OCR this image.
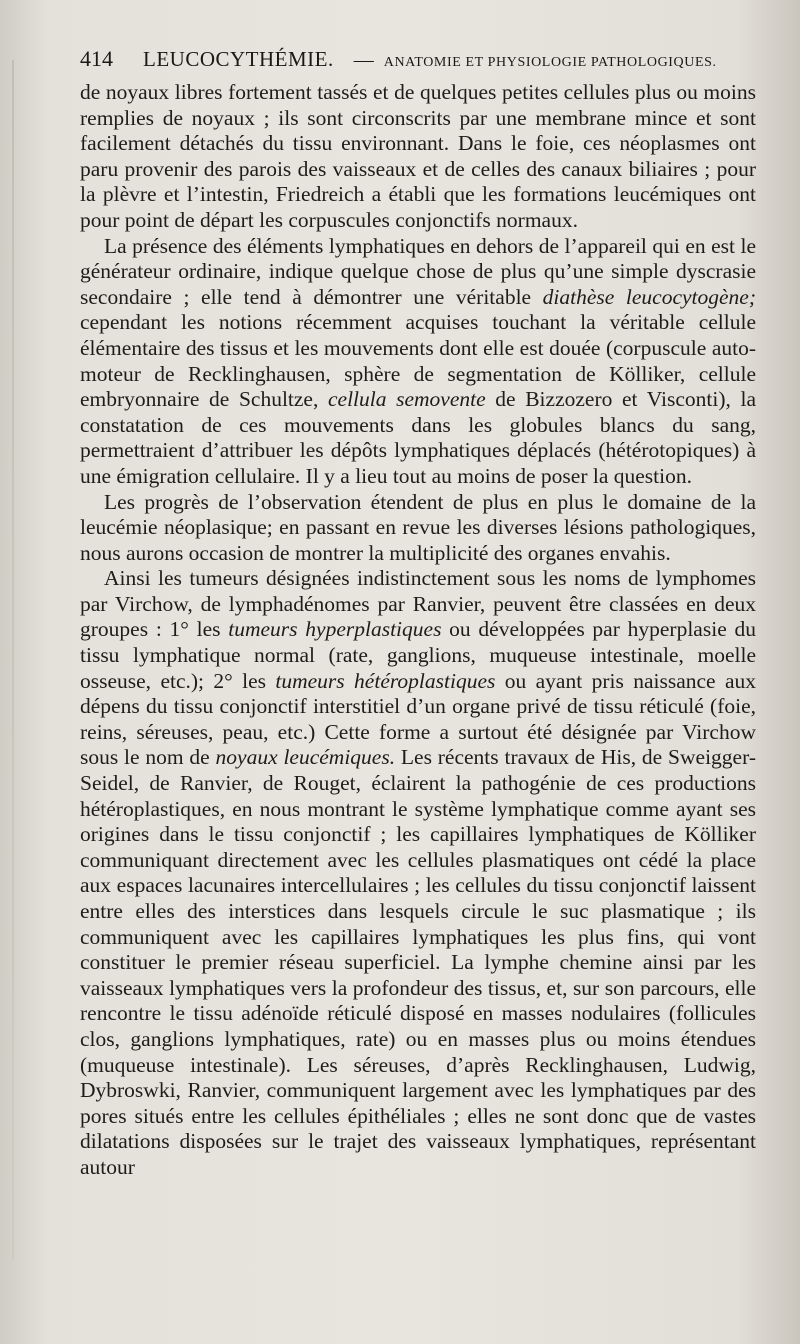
414 LEUCOCYTHÉMIE. — ANATOMIE ET PHYSIOLOGIE PATHOLOGIQUES.

de noyaux libres fortement tassés et de quelques petites cellules plus ou moins remplies de noyaux ; ils sont circonscrits par une membrane mince et sont facilement détachés du tissu environnant. Dans le foie, ces néoplasmes ont paru provenir des parois des vaisseaux et de celles des canaux biliaires ; pour la plèvre et l’intestin, Friedreich a établi que les formations leucémiques ont pour point de départ les corpuscules conjonctifs normaux.

La présence des éléments lymphatiques en dehors de l’appareil qui en est le générateur ordinaire, indique quelque chose de plus qu’une simple dyscrasie secondaire ; elle tend à démontrer une véritable diathèse leucocytogène; cependant les notions récemment acquises touchant la véritable cellule élémentaire des tissus et les mouvements dont elle est douée (corpuscule auto-moteur de Recklinghausen, sphère de segmentation de Kölliker, cellule embryonnaire de Schultze, cellula semovente de Bizzozero et Visconti), la constatation de ces mouvements dans les globules blancs du sang, permettraient d’attribuer les dépôts lymphatiques déplacés (hétérotopiques) à une émigration cellulaire. Il y a lieu tout au moins de poser la question.

Les progrès de l’observation étendent de plus en plus le domaine de la leucémie néoplasique; en passant en revue les diverses lésions pathologiques, nous aurons occasion de montrer la multiplicité des organes envahis.

Ainsi les tumeurs désignées indistinctement sous les noms de lymphomes par Virchow, de lymphadénomes par Ranvier, peuvent être classées en deux groupes : 1° les tumeurs hyperplastiques ou développées par hyperplasie du tissu lymphatique normal (rate, ganglions, muqueuse intestinale, moelle osseuse, etc.); 2° les tumeurs hétéroplastiques ou ayant pris naissance aux dépens du tissu conjonctif interstitiel d’un organe privé de tissu réticulé (foie, reins, séreuses, peau, etc.) Cette forme a surtout été désignée par Virchow sous le nom de noyaux leucémiques. Les récents travaux de His, de Sweigger-Seidel, de Ranvier, de Rouget, éclairent la pathogénie de ces productions hétéroplastiques, en nous montrant le système lymphatique comme ayant ses origines dans le tissu conjonctif ; les capillaires lymphatiques de Kölliker communiquant directement avec les cellules plasmatiques ont cédé la place aux espaces lacunaires intercellulaires ; les cellules du tissu conjonctif laissent entre elles des interstices dans lesquels circule le suc plasmatique ; ils communiquent avec les capillaires lymphatiques les plus fins, qui vont constituer le premier réseau superficiel. La lymphe chemine ainsi par les vaisseaux lymphatiques vers la profondeur des tissus, et, sur son parcours, elle rencontre le tissu adénoïde réticulé disposé en masses nodulaires (follicules clos, ganglions lymphatiques, rate) ou en masses plus ou moins étendues (muqueuse intestinale). Les séreuses, d’après Recklinghausen, Ludwig, Dybroswki, Ranvier, communiquent largement avec les lymphatiques par des pores situés entre les cellules épithéliales ; elles ne sont donc que de vastes dilatations disposées sur le trajet des vaisseaux lymphatiques, représentant autour
